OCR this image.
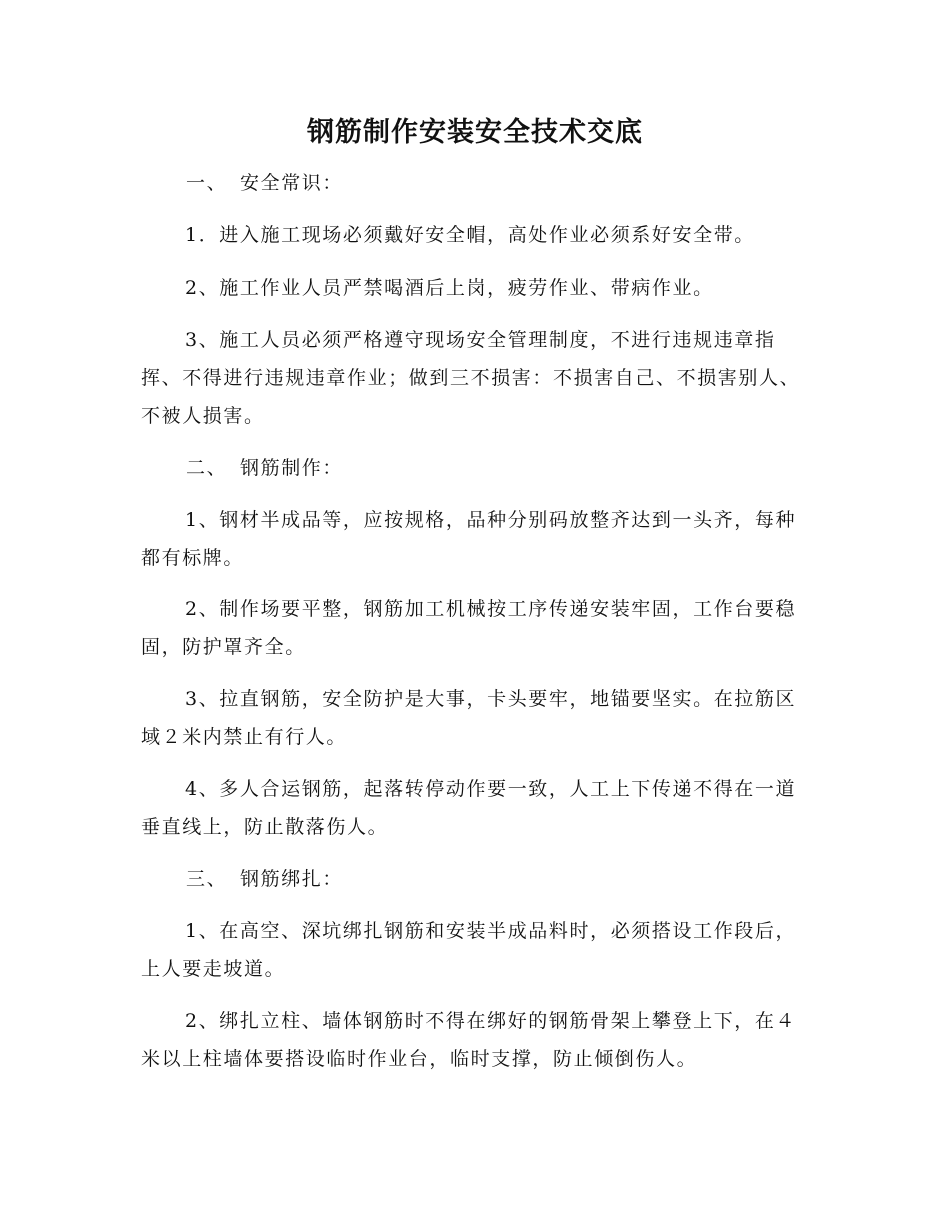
钢筋制作安装安全技术交底
一、 安全常识：

1．进入施工现场必须戴好安全帽，高处作业必须系好安全带。

2、施工作业人员严禁喝酒后上岗，疲劳作业、带病作业。

3、施工人员必须严格遵守现场安全管理制度，不进行违规违章指挥、不得进行违规违章作业；做到三不损害：不损害自己、不损害别人、不被人损害。

二、 钢筋制作：

1、钢材半成品等，应按规格，品种分别码放整齐达到一头齐，每种都有标牌。

2、制作场要平整，钢筋加工机械按工序传递安装牢固，工作台要稳固，防护罩齐全。

3、拉直钢筋，安全防护是大事，卡头要牢，地锚要坚实。在拉筋区域２米内禁止有行人。

4、多人合运钢筋，起落转停动作要一致，人工上下传递不得在一道垂直线上，防止散落伤人。

三、 钢筋绑扎：

1、在高空、深坑绑扎钢筋和安装半成品料时，必须搭设工作段后，上人要走坡道。

2、绑扎立柱、墙体钢筋时不得在绑好的钢筋骨架上攀登上下，在４米以上柱墙体要搭设临时作业台，临时支撑，防止倾倒伤人。
